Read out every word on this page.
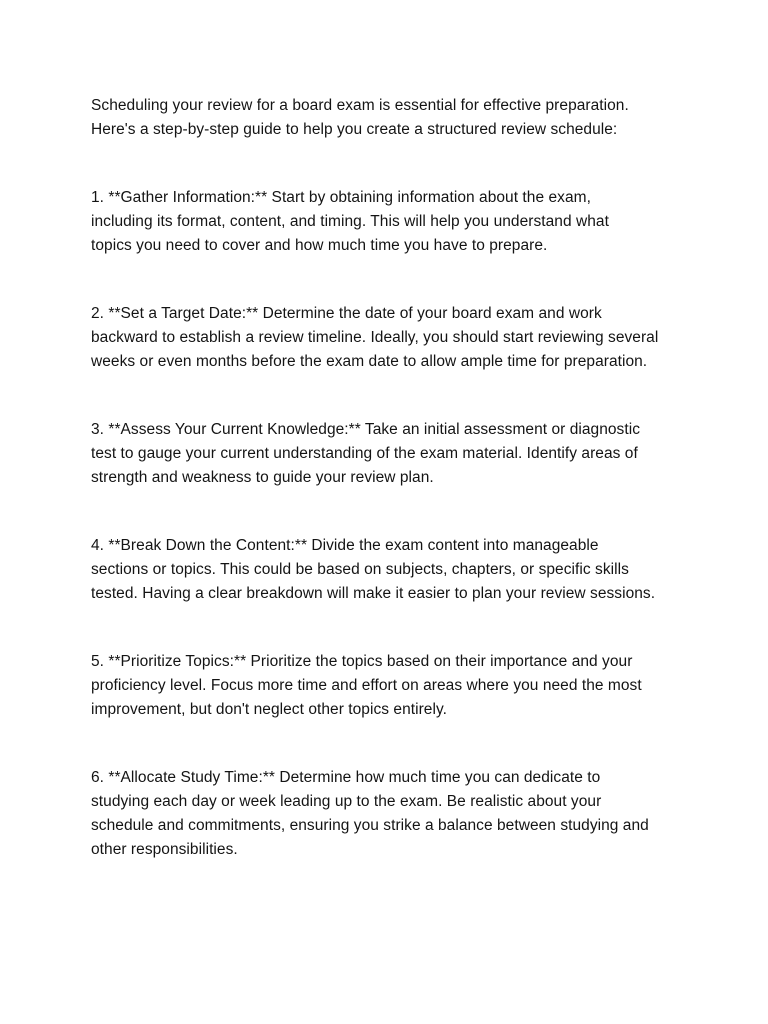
Scheduling your review for a board exam is essential for effective preparation.
Here's a step-by-step guide to help you create a structured review schedule:

1. **Gather Information:** Start by obtaining information about the exam,
including its format, content, and timing. This will help you understand what
topics you need to cover and how much time you have to prepare.

2. **Set a Target Date:** Determine the date of your board exam and work
backward to establish a review timeline. Ideally, you should start reviewing several
weeks or even months before the exam date to allow ample time for preparation.

3. **Assess Your Current Knowledge:** Take an initial assessment or diagnostic
test to gauge your current understanding of the exam material. Identify areas of
strength and weakness to guide your review plan.

4. **Break Down the Content:** Divide the exam content into manageable
sections or topics. This could be based on subjects, chapters, or specific skills
tested. Having a clear breakdown will make it easier to plan your review sessions.

5. **Prioritize Topics:** Prioritize the topics based on their importance and your
proficiency level. Focus more time and effort on areas where you need the most
improvement, but don't neglect other topics entirely.

6. **Allocate Study Time:** Determine how much time you can dedicate to
studying each day or week leading up to the exam. Be realistic about your
schedule and commitments, ensuring you strike a balance between studying and
other responsibilities.
